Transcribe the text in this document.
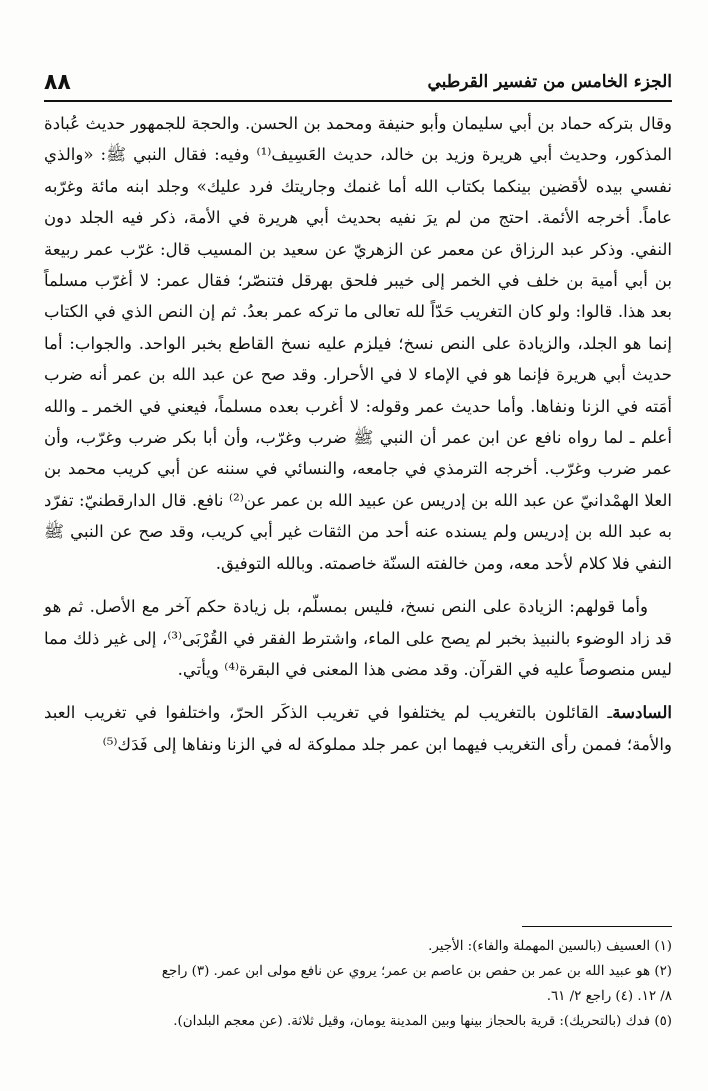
٨٨	الجزء الخامس من تفسير القرطبي

وقال بتركه حماد بن أبي سليمان وأبو حنيفة ومحمد بن الحسن. والحجة للجمهور حديث عُبادة المذكور، وحديث أبي هريرة وزيد بن خالد، حديث العَسِيف⁽¹⁾ وفيه: فقال النبي ﷺ: «والذي نفسي بيده لأقضين بينكما بكتاب الله أما غنمك وجاريتك فرد عليك» وجلد ابنه مائة وغرّبه عاماً. أخرجه الأئمة. احتج من لم يرَ نفيه بحديث أبي هريرة في الأمة، ذكر فيه الجلد دون النفي. وذكر عبد الرزاق عن معمر عن الزهريّ عن سعيد بن المسيب قال: غرّب عمر ربيعة بن أبي أمية بن خلف في الخمر إلى خيبر فلحق بهرقل فتنصّر؛ فقال عمر: لا أغرّب مسلماً بعد هذا. قالوا: ولو كان التغريب حَدّاً لله تعالى ما تركه عمر بعدُ. ثم إن النص الذي في الكتاب إنما هو الجلد، والزيادة على النص نسخ؛ فيلزم عليه نسخ القاطع بخبر الواحد. والجواب: أما حديث أبي هريرة فإنما هو في الإماء لا في الأحرار. وقد صح عن عبد الله بن عمر أنه ضرب أمَته في الزنا ونفاها. وأما حديث عمر وقوله: لا أغرب بعده مسلماً، فيعني في الخمر ـ والله أعلم ـ لما رواه نافع عن ابن عمر أن النبي ﷺ ضرب وغرّب، وأن أبا بكر ضرب وغرّب، وأن عمر ضرب وغرّب. أخرجه الترمذي في جامعه، والنسائي في سننه عن أبي كريب محمد بن العلا الهمْدانيّ عن عبد الله بن إدريس عن عبيد الله بن عمر عن⁽²⁾ نافع. قال الدارقطنيّ: تفرّد به عبد الله بن إدريس ولم يسنده عنه أحد من الثقات غير أبي كريب، وقد صح عن النبي ﷺ النفي فلا كلام لأحد معه، ومن خالفته السنّة خاصمته. وبالله التوفيق.

وأما قولهم: الزيادة على النص نسخ، فليس بمسلّم، بل زيادة حكم آخر مع الأصل. ثم هو قد زاد الوضوء بالنبيذ بخبر لم يصح على الماء، واشترط الفقر في القُرْبَى⁽³⁾، إلى غير ذلك مما ليس منصوصاً عليه في القرآن. وقد مضى هذا المعنى في البقرة⁽⁴⁾ ويأتي.

السادسةـ القائلون بالتغريب لم يختلفوا في تغريب الذكَر الحرّ، واختلفوا في تغريب العبد والأمة؛ فممن رأى التغريب فيهما ابن عمر جلد مملوكة له في الزنا ونفاها إلى فَدَك⁽⁵⁾

(١) العسيف (بالسين المهملة والفاء): الأجير.
(٢) هو عبيد الله بن عمر بن حفص بن عاصم بن عمر؛ يروي عن نافع مولى ابن عمر. (٣) راجع
٨/ ١٢. (٤) راجع ٢/ ٦١.
(٥) فدك (بالتحريك): قرية بالحجاز بينها وبين المدينة يومان، وقيل ثلاثة. (عن معجم البلدان).
